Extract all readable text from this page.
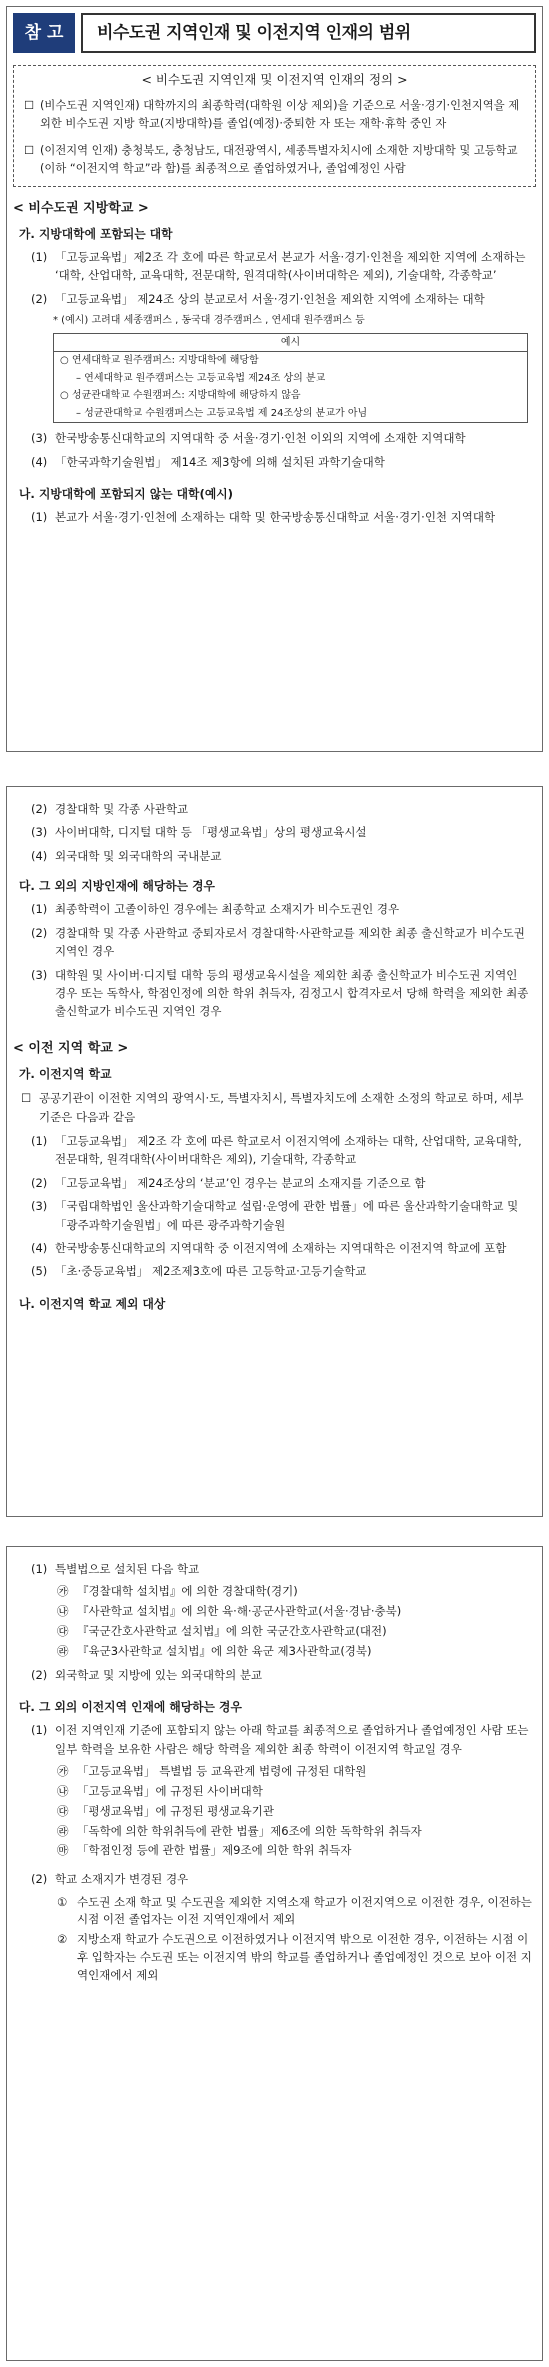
참 고	비수도권 지역인재 및 이전지역 인재의 범위
< 비수도권 지역인재 및 이전지역 인재의 정의 >
☐ (비수도권 지역인재) 대학까지의 최종학력(대학원 이상 제외)을 기준으로 서울·경기·인천지역을 제외한 비수도권 지방 학교(지방대학)를 졸업(예정)·중퇴한 자 또는 재학·휴학 중인 자
☐ (이전지역 인재) 충청북도, 충청남도, 대전광역시, 세종특별자치시에 소재한 지방대학 및 고등학교(이하 “이전지역 학교”라 함)를 최종적으로 졸업하였거나, 졸업예정인 사람
< 비수도권 지방학교 >
가. 지방대학에 포함되는 대학
(1) 「고등교육법」제2조 각 호에 따른 학교로서 본교가 서울·경기·인천을 제외한 지역에 소재하는 ‘대학, 산업대학, 교육대학, 전문대학, 원격대학(사이버대학은 제외), 기술대학, 각종학교’
(2) 「고등교육법」 제24조 상의 분교로서 서울·경기·인천을 제외한 지역에 소재하는 대학
* (예시) 고려대 세종캠퍼스 , 동국대 경주캠퍼스 , 연세대 원주캠퍼스 등
예시
○ 연세대학교 원주캠퍼스: 지방대학에 해당함
– 연세대학교 원주캠퍼스는 고등교육법 제24조 상의 분교
○ 성균관대학교 수원캠퍼스: 지방대학에 해당하지 않음
– 성균관대학교 수원캠퍼스는 고등교육법 제 24조상의 분교가 아님
(3) 한국방송통신대학교의 지역대학 중 서울·경기·인천 이외의 지역에 소재한 지역대학
(4) 「한국과학기술원법」 제14조 제3항에 의해 설치된 과학기술대학
나. 지방대학에 포함되지 않는 대학(예시)
(1) 본교가 서울·경기·인천에 소재하는 대학 및 한국방송통신대학교 서울·경기·인천 지역대학
(2) 경찰대학 및 각종 사관학교
(3) 사이버대학, 디지털 대학 등 「평생교육법」상의 평생교육시설
(4) 외국대학 및 외국대학의 국내분교
다. 그 외의 지방인재에 해당하는 경우
(1) 최종학력이 고졸이하인 경우에는 최종학교 소재지가 비수도권인 경우
(2) 경찰대학 및 각종 사관학교 중퇴자로서 경찰대학·사관학교를 제외한 최종 출신학교가 비수도권 지역인 경우
(3) 대학원 및 사이버·디지털 대학 등의 평생교육시설을 제외한 최종 출신학교가 비수도권 지역인 경우 또는 독학사, 학점인정에 의한 학위 취득자, 검정고시 합격자로서 당해 학력을 제외한 최종 출신학교가 비수도권 지역인 경우
< 이전 지역 학교 >
가. 이전지역 학교
☐ 공공기관이 이전한 지역의 광역시·도, 특별자치시, 특별자치도에 소재한 소정의 학교로 하며, 세부기준은 다음과 같음
(1) 「고등교육법」 제2조 각 호에 따른 학교로서 이전지역에 소재하는 대학, 산업대학, 교육대학, 전문대학, 원격대학(사이버대학은 제외), 기술대학, 각종학교
(2) 「고등교육법」 제24조상의 ‘분교’인 경우는 분교의 소재지를 기준으로 함
(3) 「국립대학법인 울산과학기술대학교 설립·운영에 관한 법률」에 따른 울산과학기술대학교 및 「광주과학기술원법」에 따른 광주과학기술원
(4) 한국방송통신대학교의 지역대학 중 이전지역에 소재하는 지역대학은 이전지역 학교에 포함
(5) 「초·중등교육법」 제2조제3호에 따른 고등학교·고등기술학교
나. 이전지역 학교 제외 대상
(1) 특별법으로 설치된 다음 학교
㉮ 『경찰대학 설치법』에 의한 경찰대학(경기)
㉯ 『사관학교 설치법』에 의한 육·해·공군사관학교(서울·경남·충북)
㉰ 『국군간호사관학교 설치법』에 의한 국군간호사관학교(대전)
㉱ 『육군3사관학교 설치법』에 의한 육군 제3사관학교(경북)
(2) 외국학교 및 지방에 있는 외국대학의 분교
다. 그 외의 이전지역 인재에 해당하는 경우
(1) 이전 지역인재 기준에 포함되지 않는 아래 학교를 최종적으로 졸업하거나 졸업예정인 사람 또는 일부 학력을 보유한 사람은 해당 학력을 제외한 최종 학력이 이전지역 학교일 경우
㉮ 「고등교육법」 특별법 등 교육관계 법령에 규정된 대학원
㉯ 「고등교육법」에 규정된 사이버대학
㉰ 「평생교육법」에 규정된 평생교육기관
㉱ 「독학에 의한 학위취득에 관한 법률」제6조에 의한 독학학위 취득자
㉲ 「학점인정 등에 관한 법률」제9조에 의한 학위 취득자
(2) 학교 소재지가 변경된 경우
① 수도권 소재 학교 및 수도권을 제외한 지역소재 학교가 이전지역으로 이전한 경우, 이전하는 시점 이전 졸업자는 이전 지역인재에서 제외
② 지방소재 학교가 수도권으로 이전하였거나 이전지역 밖으로 이전한 경우, 이전하는 시점 이후 입학자는 수도권 또는 이전지역 밖의 학교를 졸업하거나 졸업예정인 것으로 보아 이전 지역인재에서 제외
